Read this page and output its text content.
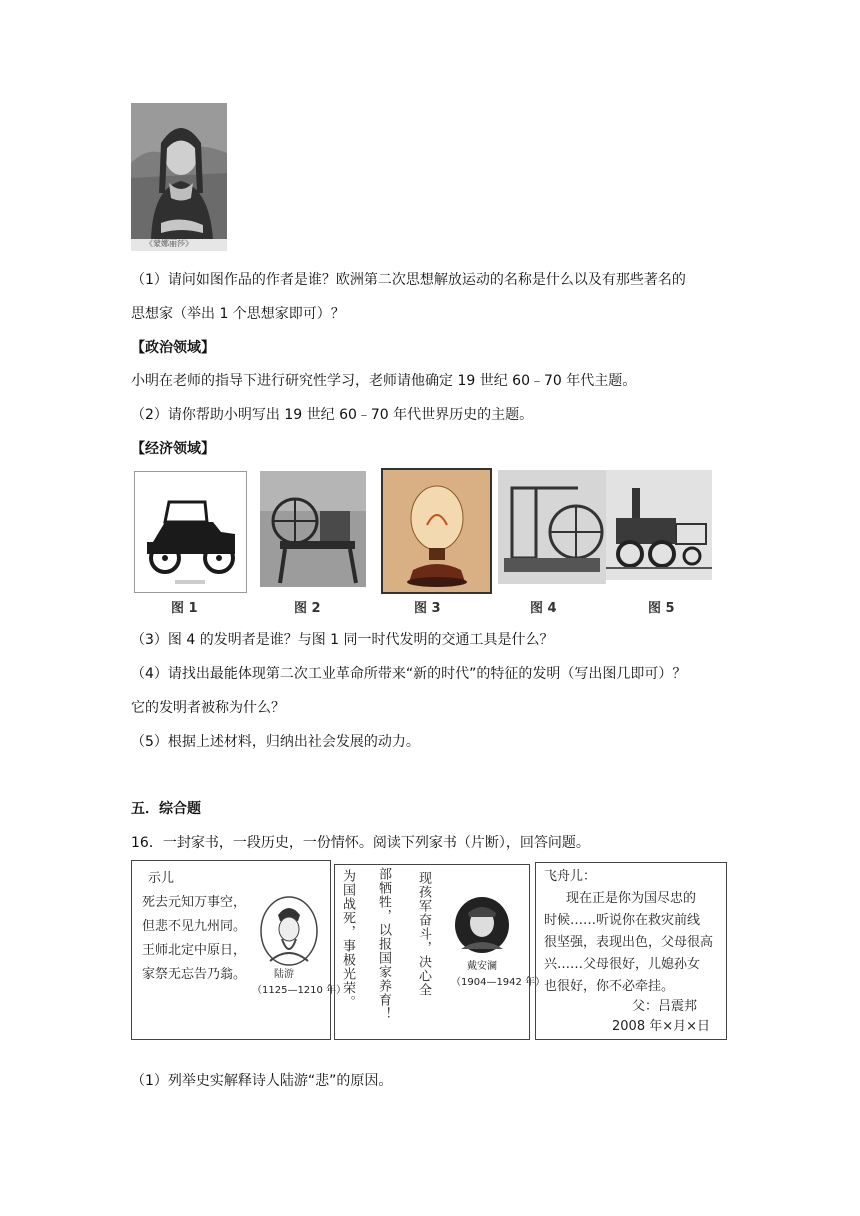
《蒙娜丽莎》
（1）请问如图作品的作者是谁？欧洲第二次思想解放运动的名称是什么以及有那些著名的
思想家（举出 1 个思想家即可）？
【政治领域】
小明在老师的指导下进行研究性学习，老师请他确定 19 世纪 60﹣70 年代主题。
（2）请你帮助小明写出 19 世纪 60﹣70 年代世界历史的主题。
【经济领域】
图 1	图 2	图 3	图 4	图 5
（3）图 4 的发明者是谁？与图 1 同一时代发明的交通工具是什么？
（4）请找出最能体现第二次工业革命所带来“新的时代”的特征的发明（写出图几即可）？
它的发明者被称为什么？
（5）根据上述材料，归纳出社会发展的动力。
五．综合题
16．一封家书，一段历史，一份情怀。阅读下列家书（片断），回答问题。
示儿
死去元知万事空，
但悲不见九州同。
王师北定中原日，
家祭无忘告乃翁。	陆游
（1125—1210 年）	现孩军奋斗，决心全
部牺牲，以报国家养育！
为国战死，事极光荣。	戴安澜
（1904—1942 年）
飞舟儿：
现在正是你为国尽忠的
时候……听说你在救灾前线
很坚强，表现出色，父母很高
兴……父母很好，儿媳孙女
也很好，你不必牵挂。
父：吕震邦
2008 年×月×日
（1）列举史实解释诗人陆游“悲”的原因。
